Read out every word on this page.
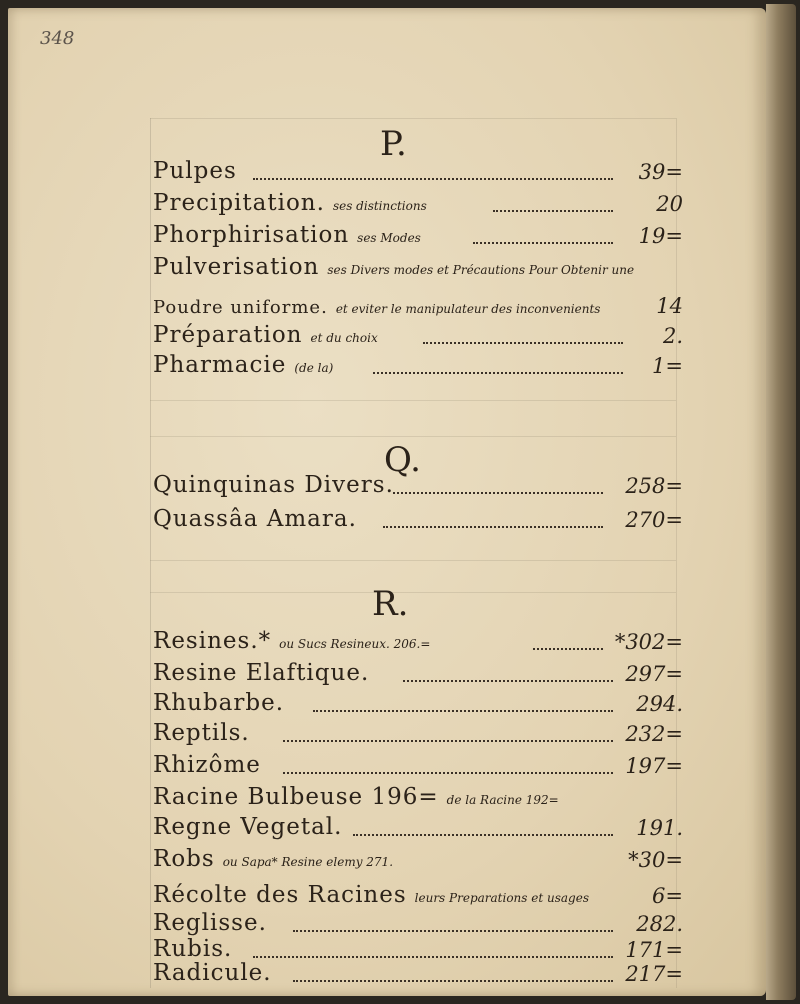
348
P.
Pulpes	39=
Precipitation. ses distinctions	20
Phorphirisation ses Modes	19=
Pulverisation ses Divers modes et Précautions Pour Obtenir une
Poudre uniforme. et eviter le manipulateur des inconvenients	14
Préparation et du choix	2.
Pharmacie (de la)	1=
Q.
Quinquinas Divers.	258=
Quassâa Amara.	270=
R.
Resines.* ou Sucs Resineux. 206.=	*302=
Resine Elaftique.	297=
Rhubarbe.	294.
Reptils.	232=
Rhizôme	197=
Racine Bulbeuse 196= de la Racine 192=
Regne Vegetal.	191.
Robs ou Sapa* Resine elemy 271.	*30=
Récolte des Racines leurs Preparations et usages	6=
Reglisse.	282.
Rubis.	171=
Radicule.	217=
